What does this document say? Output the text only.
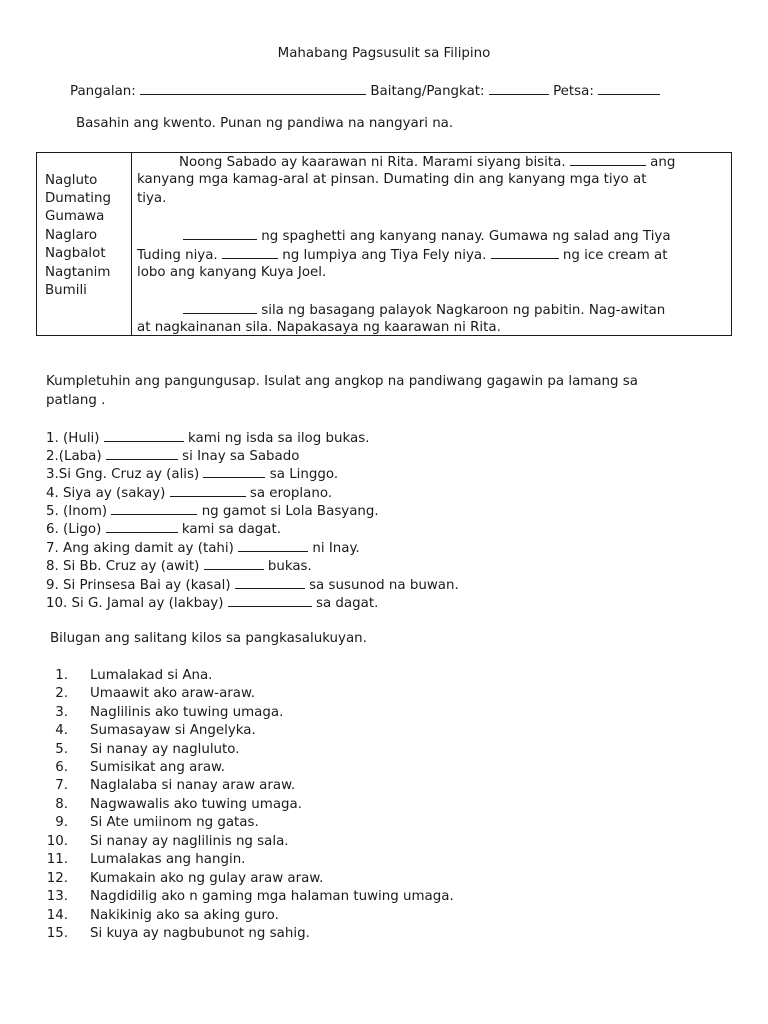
Mahabang Pagsusulit sa Filipino
Pangalan:	Baitang/Pangkat:	Petsa:
Basahin ang kwento. Punan ng pandiwa na nangyari na.
Nagluto
Dumating
Gumawa
Naglaro
Nagbalot
Nagtanim
Bumili
Noong Sabado ay kaarawan ni Rita. Marami siyang bisita.	ang
kanyang mga kamag-aral at pinsan. Dumating din ang kanyang mga tiyo at
tiya.
ng spaghetti ang kanyang nanay. Gumawa ng salad ang Tiya
Tuding niya.	ng lumpiya ang Tiya Fely niya.	ng ice cream at
lobo ang kanyang Kuya Joel.
sila ng basagang palayok Nagkaroon ng pabitin. Nag-awitan
at nagkainanan sila. Napakasaya ng kaarawan ni Rita.
Kumpletuhin ang pangungusap. Isulat ang angkop na pandiwang gagawin pa lamang sa
patlang .
1. (Huli)	kami ng isda sa ilog bukas.
2.(Laba)	si Inay sa Sabado
3.Si Gng. Cruz ay (alis)	sa Linggo.
4. Siya ay (sakay)	sa eroplano.
5. (Inom)	ng gamot si Lola Basyang.
6. (Ligo)	kami sa dagat.
7. Ang aking damit ay (tahi)	ni Inay.
8. Si Bb. Cruz ay (awit)	bukas.
9. Si Prinsesa Bai ay (kasal)	sa susunod na buwan.
10. Si G. Jamal ay (lakbay)	sa dagat.
Bilugan ang salitang kilos sa pangkasalukuyan.
1. Lumalakad si Ana.
2. Umaawit ako araw-araw.
3. Naglilinis ako tuwing umaga.
4. Sumasayaw si Angelyka.
5. Si nanay ay nagluluto.
6. Sumisikat ang araw.
7. Naglalaba si nanay araw araw.
8. Nagwawalis ako tuwing umaga.
9. Si Ate umiinom ng gatas.
10. Si nanay ay naglilinis ng sala.
11. Lumalakas ang hangin.
12. Kumakain ako ng gulay araw araw.
13. Nagdidilig ako n gaming mga halaman tuwing umaga.
14. Nakikinig ako sa aking guro.
15. Si kuya ay nagbubunot ng sahig.
